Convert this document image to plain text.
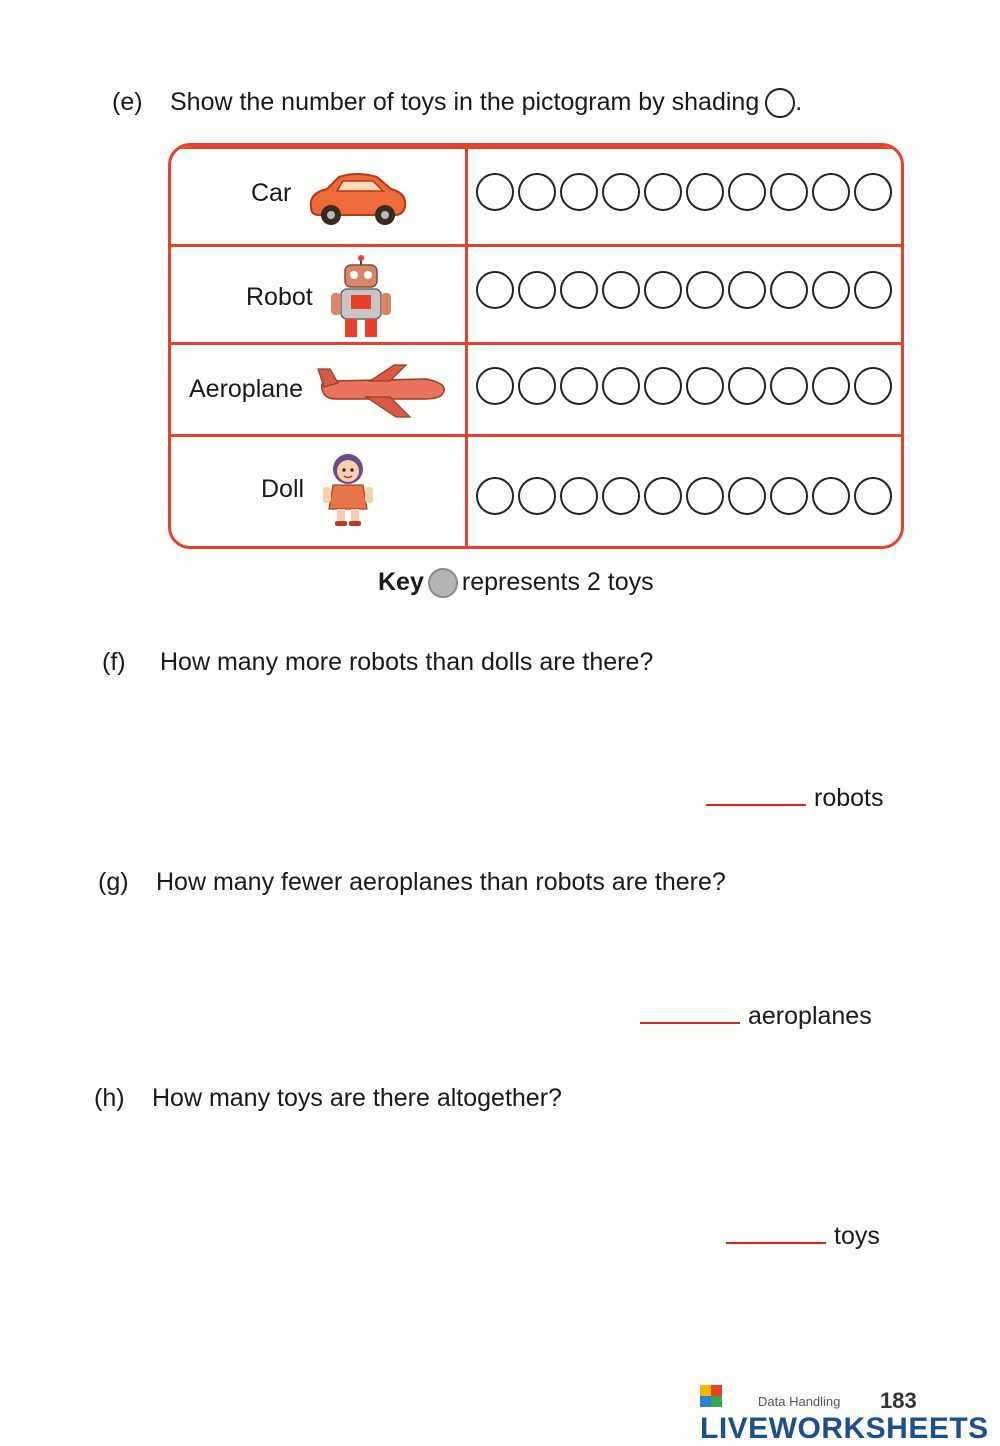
(e) Show the number of toys in the pictogram by shading .
Car
Robot
Aeroplane
Doll
Key represents 2 toys
(f) How many more robots than dolls are there?
robots
(g) How many fewer aeroplanes than robots are there?
aeroplanes
(h) How many toys are there altogether?
toys
Data Handling
LIVEWORKSHEETS
183
